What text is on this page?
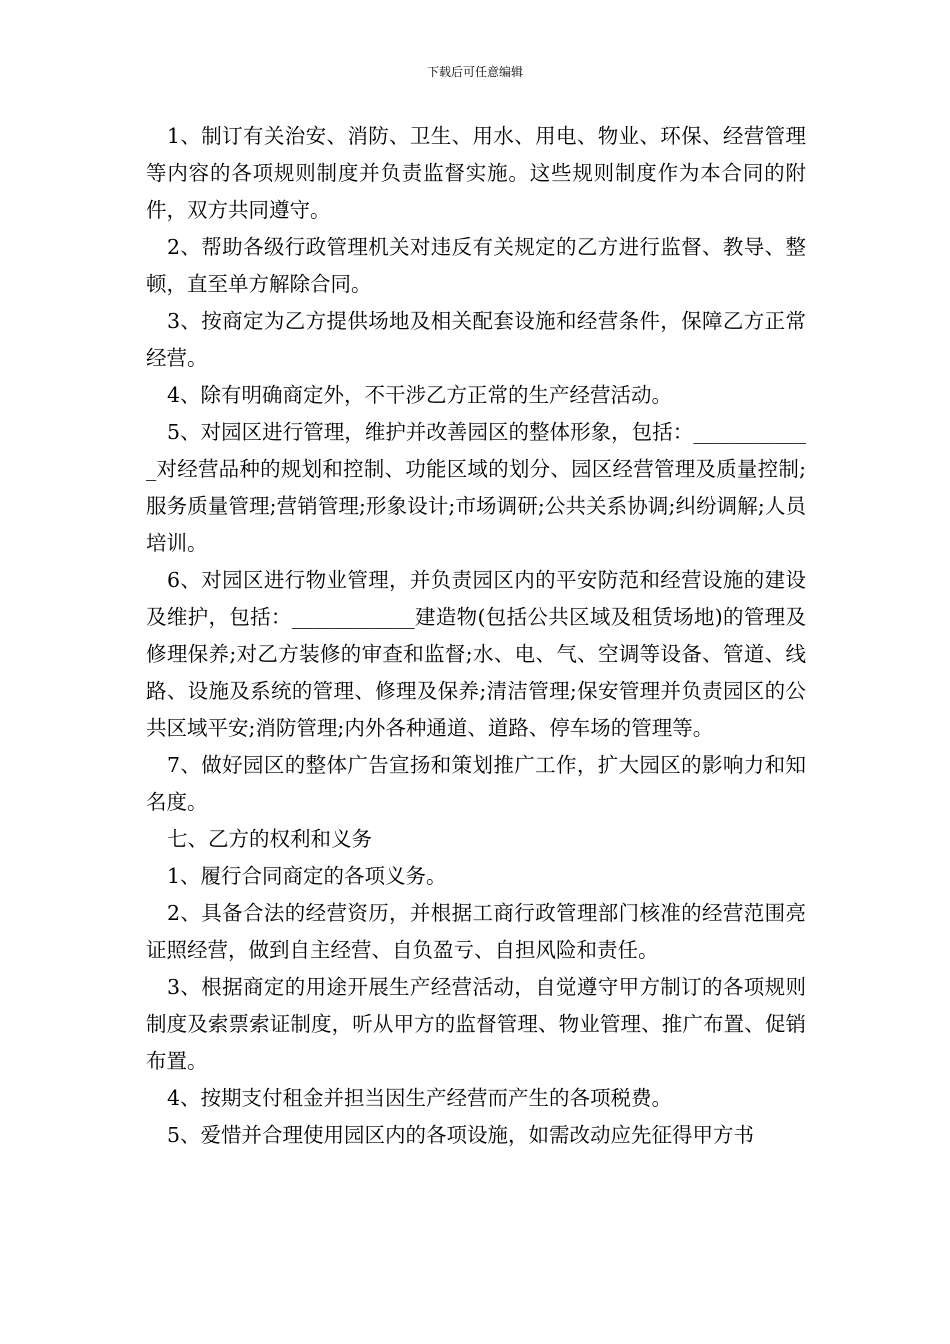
下载后可任意编辑

1、制订有关治安、消防、卫生、用水、用电、物业、环保、经营管理等内容的各项规则制度并负责监督实施。这些规则制度作为本合同的附件，双方共同遵守。

2、帮助各级行政管理机关对违反有关规定的乙方进行监督、教导、整顿，直至单方解除合同。

3、按商定为乙方提供场地及相关配套设施和经营条件，保障乙方正常经营。

4、除有明确商定外，不干涉乙方正常的生产经营活动。

5、对园区进行管理，维护并改善园区的整体形象，包括：____________对经营品种的规划和控制、功能区域的划分、园区经营管理及质量控制;服务质量管理;营销管理;形象设计;市场调研;公共关系协调;纠纷调解;人员培训。

6、对园区进行物业管理，并负责园区内的平安防范和经营设施的建设及维护，包括：____________建造物(包括公共区域及租赁场地)的管理及修理保养;对乙方装修的审查和监督;水、电、气、空调等设备、管道、线路、设施及系统的管理、修理及保养;清洁管理;保安管理并负责园区的公共区域平安;消防管理;内外各种通道、道路、停车场的管理等。

7、做好园区的整体广告宣扬和策划推广工作，扩大园区的影响力和知名度。

七、乙方的权利和义务

1、履行合同商定的各项义务。

2、具备合法的经营资历，并根据工商行政管理部门核准的经营范围亮证照经营，做到自主经营、自负盈亏、自担风险和责任。

3、根据商定的用途开展生产经营活动，自觉遵守甲方制订的各项规则制度及索票索证制度，听从甲方的监督管理、物业管理、推广布置、促销布置。

4、按期支付租金并担当因生产经营而产生的各项税费。

5、爱惜并合理使用园区内的各项设施，如需改动应先征得甲方书
